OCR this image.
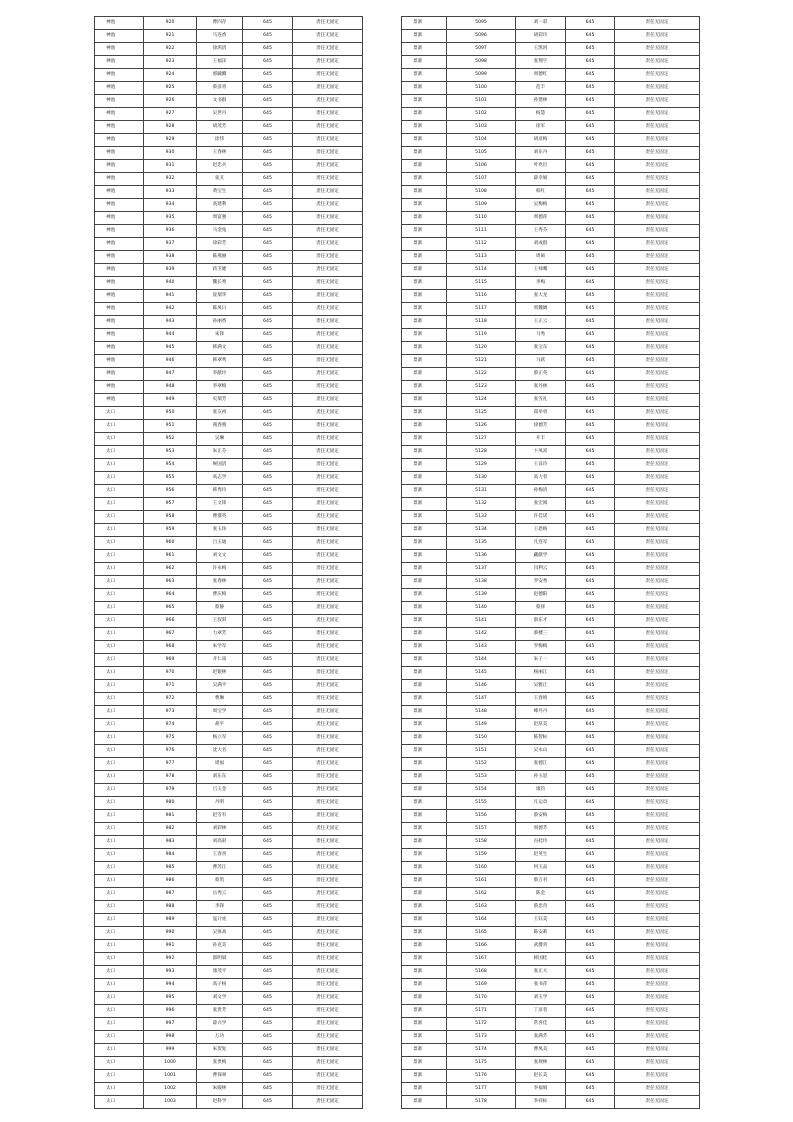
神池	920	曹四存	645	责任无固定
神池	921	马连香	645	责任无固定
神池	922	徐鸿清	645	责任无固定
神池	923	王福泽	645	责任无固定
神池	924	郭毓卿	645	责任无固定
神池	925	蔡彦青	645	责任无固定
神池	926	文书群	645	责任无固定
神池	927	吴世丹	645	责任无固定
神池	928	胡茂芳	645	责任无固定
神池	929	徐伟	645	责任无固定
神池	930	王春林	645	责任无固定
神池	931	赵忠兵	645	责任无固定
神池	932	张丑	645	责任无固定
神池	933	黄宝生	645	责任无固定
神池	934	高建利	645	责任无固定
神池	935	周富强	645	责任无固定
神池	936	马金兔	645	责任无固定
神池	937	徐彩芳	645	责任无固定
神池	938	陈燕丽	645	责任无固定
神池	939	蒋卫婕	645	责任无固定
神池	940	魏长秀	645	责任无固定
神池	941	庞瑞华	645	责任无固定
神池	942	陈凤日	645	责任无固定
神池	943	孙丽香	645	责任无固定
神池	944	朱锋	645	责任无固定
神池	945	韩满文	645	责任无固定
神池	946	韩翠秀	645	责任无固定
神池	947	李献玲	645	责任无固定
神池	948	李翠梅	645	责任无固定
神池	949	史瑞芳	645	责任无固定
太口	950	张友初	645	责任无固定
太口	951	商春燕	645	责任无固定
太口	952	吴琳	645	责任无固定
太口	953	朱正芬	645	责任无固定
太口	954	候国清	645	责任无固定
太口	955	高志学	645	责任无固定
太口	956	韩秀玲	645	责任无固定
太口	957	王文锋	645	责任无固定
太口	958	曹群英	645	责任无固定
太口	959	张玉珍	645	责任无固定
太口	960	吕玉通	645	责任无固定
太口	961	刘文文	645	责任无固定
太口	962	许永梅	645	责任无固定
太口	963	张春林	645	责任无固定
太口	964	曹庆梅	645	责任无固定
太口	965	蔡静	645	责任无固定
太口	966	王叔彩	645	责任无固定
太口	967	力翠芳	645	责任无固定
太口	968	朱学军	645	责任无固定
太口	969	开仁南	645	责任无固定
太口	970	赵银林	645	责任无固定
太口	971	吴满平	645	责任无固定
太口	972	曹琳	645	责任无固定
太口	973	周宝学	645	责任无固定
太口	974	胡平	645	责任无固定
太口	975	杨立军	645	责任无固定
太口	976	沈大名	645	责任无固定
太口	977	周福	645	责任无固定
太口	978	刘东东	645	责任无固定
太口	979	吕玉金	645	责任无固定
太口	980	丹明	645	责任无固定
太口	981	赵雪有	645	责任无固定
太口	982	刘彩林	645	责任无固定
太口	983	刘高彩	645	责任无固定
太口	984	王春喜	645	责任无固定
太口	985	曹苏江	645	责任无固定
太口	986	蔡筑	645	责任无固定
太口	987	岳秀云	645	责任无固定
太口	988	李锋	645	责任无固定
太口	989	寇计虎	645	责任无固定
太口	990	吴体高	645	责任无固定
太口	991	孙克美	645	责任无固定
太口	992	邵明斌	645	责任无固定
太口	993	康茂平	645	责任无固定
太口	994	高子杨	645	责任无固定
太口	995	刘文学	645	责任无固定
太口	996	张贵芳	645	责任无固定
太口	997	薛兴学	645	责任无固定
太口	998	万功	645	责任无固定
太口	999	朱贺复	645	责任无固定
太口	1000	张贵梅	645	责任无固定
太口	1001	曹探翠	645	责任无固定
太口	1002	朱殿林	645	责任无固定
太口	1003	赵科学	645	责任无固定
景寨	5095	刘一彩	645	责任无固定
景寨	5096	胡彩玲	645	责任无固定
景寨	5097	王凯珂	645	责任无固定
景寨	5098	张翔宇	645	责任无固定
景寨	5099	周德红	645	责任无固定
景寨	5100	范丰	645	责任无固定
景寨	5101	孙建林	645	责任无固定
景寨	5102	杨慧	645	责任无固定
景寨	5103	徐军	645	责任无固定
景寨	5104	胡彦梅	645	责任无固定
景寨	5105	刘东丹	645	责任无固定
景寨	5106	叶兆臣	645	责任无固定
景寨	5107	薛幸娟	645	责任无固定
景寨	5108	韩红	645	责任无固定
景寨	5109	吴梅梅	645	责任无固定
景寨	5110	周德萍	645	责任无固定
景寨	5111	王秀芬	645	责任无固定
景寨	5112	刘成群	645	责任无固定
景寨	5113	周硕	645	责任无固定
景寨	5114	王禄鹰	645	责任无固定
景寨	5115	李梅	645	责任无固定
景寨	5116	张大龙	645	责任无固定
景寨	5117	周魏阔	645	责任无固定
景寨	5118	王正云	645	责任无固定
景寨	5119	马秀	645	责任无固定
景寨	5120	张宝东	645	责任无固定
景寨	5121	马跃	645	责任无固定
景寨	5122	蔡正英	645	责任无固定
景寨	5123	张丹林	645	责任无固定
景寨	5124	张雪礼	645	责任无固定
景寨	5125	郑举勇	645	责任无固定
景寨	5126	徐德芳	645	责任无固定
景寨	5127	开丰	645	责任无固定
景寨	5128	卞凤富	645	责任无固定
景寨	5129	王良玲	645	责任无固定
景寨	5130	高力者	645	责任无固定
景寨	5131	孙梅清	645	责任无固定
景寨	5132	张宏闻	645	责任无固定
景寨	5133	许佳诺	645	责任无固定
景寨	5134	王恩梅	645	责任无固定
景寨	5135	凡连军	645	责任无固定
景寨	5136	藏献学	645	责任无固定
景寨	5137	闫利云	645	责任无固定
景寨	5138	罗安秀	645	责任无固定
景寨	5139	赵德阳	645	责任无固定
景寨	5140	蔡驿	645	责任无固定
景寨	5141	蔡东才	645	责任无固定
景寨	5142	蔡楼三	645	责任无固定
景寨	5143	罗梅梅	645	责任无固定
景寨	5144	朱子一	645	责任无固定
景寨	5145	杨丽江	645	责任无固定
景寨	5146	吴雅江	645	责任无固定
景寨	5147	王春娇	645	责任无固定
景寨	5148	峰丹丹	645	责任无固定
景寨	5149	赵厚美	645	责任无固定
景寨	5150	陈智标	645	责任无固定
景寨	5151	吴永山	645	责任无固定
景寨	5152	张德江	645	责任无固定
景寨	5153	孙玉思	645	责任无固定
景寨	5154	康钧	645	责任无固定
景寨	5155	凡运章	645	责任无固定
景寨	5156	蔡安梅	645	责任无固定
景寨	5157	周德芳	645	责任无固定
景寨	5158	冯桂玲	645	责任无固定
景寨	5159	赵英生	645	责任无固定
景寨	5160	何玉品	645	责任无固定
景寨	5161	蔡万君	645	责任无固定
景寨	5162	陈金	645	责任无固定
景寨	5163	蔡忠奇	645	责任无固定
景寨	5164	王钰美	645	责任无固定
景寨	5165	陈安莉	645	责任无固定
景寨	5166	武爵青	645	责任无固定
景寨	5167	韩国桂	645	责任无固定
景寨	5168	张正大	645	责任无固定
景寨	5169	张书萍	645	责任无固定
景寨	5170	刘玉学	645	责任无固定
景寨	5171	丁彦者	645	责任无固定
景寨	5172	常喜佳	645	责任无固定
景寨	5173	张满芳	645	责任无固定
景寨	5174	曹凤美	645	责任无固定
景寨	5175	张规林	645	责任无固定
景寨	5176	赵长美	645	责任无固定
景寨	5177	李福娟	645	责任无固定
景寨	5178	李祥标	645	责任无固定
